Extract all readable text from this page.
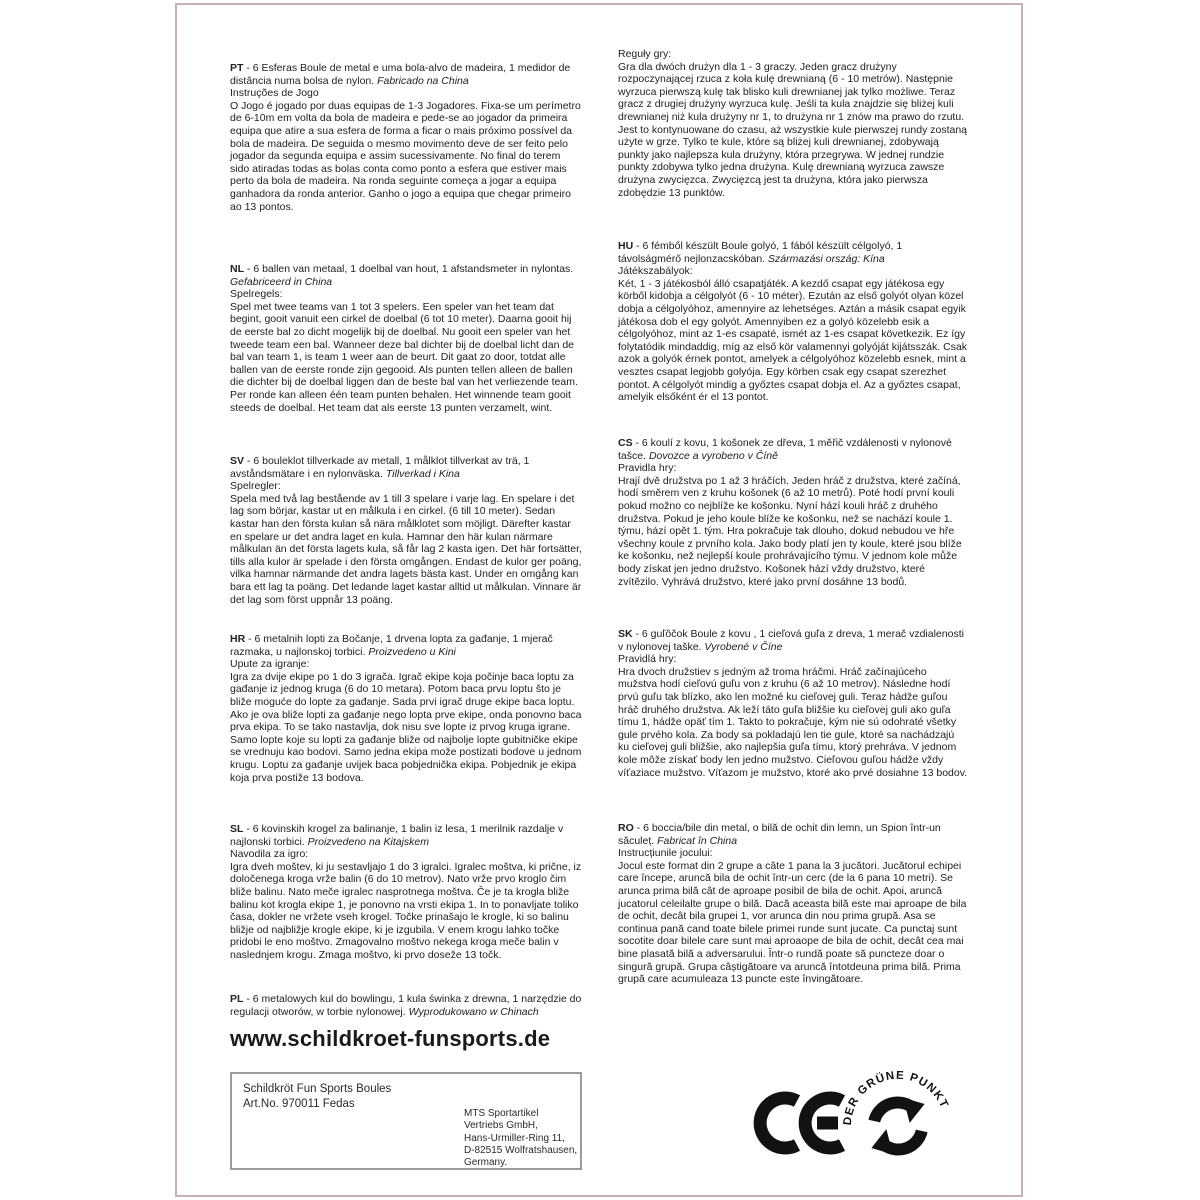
PT - 6 Esferas Boule de metal e uma bola-alvo de madeira, 1 medidor de distância numa bolsa de nylon. Fabricado na China

Instruções de Jogo

O Jogo é jogado por duas equipas de 1-3 Jogadores. Fixa-se um perímetro de 6-10m em volta da bola de madeira e pede-se ao jogador da primeira equipa que atire a sua esfera de forma a ficar o mais próximo possível da bola de madeira. De seguida o mesmo movimento deve de ser feito pelo jogador da segunda equipa e assim sucessivamente. No final do terem sido atiradas todas as bolas conta como ponto a esfera que estiver mais perto da bola de madeira. Na ronda seguinte começa a jogar a equipa ganhadora da ronda anterior. Ganho o jogo a equipa que chegar primeiro ao 13 pontos.

NL - 6 ballen van metaal, 1 doelbal van hout, 1 afstandsmeter in nylontas. Gefabriceerd in China

Spelregels:

Spel met twee teams van 1 tot 3 spelers. Een speler van het team dat begint, gooit vanuit een cirkel de doelbal (6 tot 10 meter). Daarna gooit hij de eerste bal zo dicht mogelijk bij de doelbal. Nu gooit een speler van het tweede team een bal. Wanneer deze bal dichter bij de doelbal licht dan de bal van team 1, is team 1 weer aan de beurt. Dit gaat zo door, totdat alle ballen van de eerste ronde zijn gegooid. Als punten tellen alleen de ballen die dichter bij de doelbal liggen dan de beste bal van het verliezende team. Per ronde kan alleen één team punten behalen. Het winnende team gooit steeds de doelbal. Het team dat als eerste 13 punten verzamelt, wint.

SV - 6 bouleklot tillverkade av metall, 1 målklot tillverkat av trä, 1 avståndsmätare i en nylonväska. Tillverkad i Kina

Spelregler:

Spela med två lag bestående av 1 till 3 spelare i varje lag. En spelare i det lag som börjar, kastar ut en målkula i en cirkel. (6 till 10 meter). Sedan kastar han den första kulan så nära målklotet som möjligt. Därefter kastar en spelare ur det andra laget en kula. Hamnar den här kulan närmare målkulan än det första lagets kula, så får lag 2 kasta igen. Det här fortsätter, tills alla kulor är spelade i den första omgången. Endast de kulor ger poäng, vilka hamnar närmande det andra lagets bästa kast. Under en omgång kan bara ett lag ta poäng. Det ledande laget kastar alltid ut målkulan. Vinnare är det lag som först uppnår 13 poäng.

HR - 6 metalnih lopti za Bočanje, 1 drvena lopta za gađanje, 1 mjerač razmaka, u najlonskoj torbici. Proizvedeno u Kini

Upute za igranje:

Igra za dvije ekipe po 1 do 3 igrača. Igrač ekipe koja počinje baca loptu za gađanje iz jednog kruga (6 do 10 metara). Potom baca prvu loptu što je bliže moguće do lopte za gađanje. Sada prvi igrač druge ekipe baca loptu. Ako je ova bliže lopti za gađanje nego lopta prve ekipe, onda ponovno baca prva ekipa. To se tako nastavlja, dok nisu sve lopte iz prvog kruga igrane. Samo lopte koje su lopti za gađanje bliže od najbolje lopte gubitničke ekipe se vrednuju kao bodovi. Samo jedna ekipa može postizati bodove u jednom krugu. Loptu za gađanje uvijek baca pobjednička ekipa. Pobjednik je ekipa koja prva postiže 13 bodova.

SL - 6 kovinskih krogel za balinanje, 1 balin iz lesa, 1 merilnik razdalje v najlonski torbici. Proizvedeno na Kitajskem

Navodila za igro:

Igra dveh moštev, ki ju sestavljajo 1 do 3 igralci. Igralec moštva, ki prične, iz določenega kroga vrže balin (6 do 10 metrov). Nato vrže prvo kroglo čim bliže balinu. Nato meče igralec nasprotnega moštva. Če je ta krogla bliže balinu kot krogla ekipe 1, je ponovno na vrsti ekipa 1. In to ponavljate toliko časa, dokler ne vržete vseh krogel. Točke prinašajo le krogle, ki so balinu bližje od najbližje krogle ekipe, ki je izgubila. V enem krogu lahko točke pridobi le eno moštvo. Zmagovalno moštvo nekega kroga meče balin v naslednjem krogu. Zmaga moštvo, ki prvo doseže 13 točk.

PL - 6 metalowych kul do bowlingu, 1 kula świnka z drewna, 1 narzędzie do regulacji otworów, w torbie nylonowej. Wyprodukowano w Chinach

Reguły gry:

Gra dla dwóch drużyn dla 1 - 3 graczy. Jeden gracz drużyny rozpoczynającej rzuca z koła kulę drewnianą (6 - 10 metrów). Następnie wyrzuca pierwszą kulę tak blisko kuli drewnianej jak tylko możliwe. Teraz gracz z drugiej drużyny wyrzuca kulę. Jeśli ta kula znajdzie się bliżej kuli drewnianej niż kula drużyny nr 1, to drużyna nr 1 znów ma prawo do rzutu. Jest to kontynuowane do czasu, aż wszystkie kule pierwszej rundy zostaną użyte w grze. Tylko te kule, które są bliżej kuli drewnianej, zdobywają punkty jako najlepsza kula drużyny, która przegrywa. W jednej rundzie punkty zdobywa tylko jedna drużyna. Kulę drewnianą wyrzuca zawsze drużyna zwycięzca. Zwycięzcą jest ta drużyna, która jako pierwsza zdobędzie 13 punktów.

HU - 6 fémből készült Boule golyó, 1 fából készült célgolyó, 1 távolságmérő nejlonzacskóban. Származási ország: Kína

Játékszabályok:

Két, 1 - 3 játékosból álló csapatjáték. A kezdő csapat egy játékosa egy körből kidobja a célgolyót (6 - 10 méter). Ezután az első golyót olyan közel dobja a célgolyóhoz, amennyire az lehetséges. Aztán a másik csapat egyik játékosa dob el egy golyót. Amennyiben ez a golyó közelebb esik a célgolyóhoz, mint az 1-es csapaté, ismét az 1-es csapat következik. Ez így folytatódik mindaddig, míg az első kör valamennyi golyóját kijátsszák. Csak azok a golyók érnek pontot, amelyek a célgolyóhoz közelebb esnek, mint a vesztes csapat legjobb golyója. Egy körben csak egy csapat szerezhet pontot. A célgolyót mindig a győztes csapat dobja el. Az a győztes csapat, amelyik elsőként ér el 13 pontot.

CS - 6 koulí z kovu, 1 košonek ze dřeva, 1 měřič vzdálenosti v nylonové tašce. Dovozce a vyrobeno v Číně

Pravidla hry:

Hrají dvě družstva po 1 až 3 hráčích. Jeden hráč z družstva, které začíná, hodí směrem ven z kruhu košonek (6 až 10 metrů). Poté hodí první kouli pokud možno co nejblíže ke košonku. Nyní hází kouli hráč z druhého družstva. Pokud je jeho koule blíže ke košonku, než se nachází koule 1. týmu, hází opět 1. tým. Hra pokračuje tak dlouho, dokud nebudou ve hře všechny koule z prvního kola. Jako body platí jen ty koule, které jsou blíže ke košonku, než nejlepší koule prohrávajícího týmu. V jednom kole může body získat jen jedno družstvo. Košonek hází vždy družstvo, které zvítězilo. Vyhrává družstvo, které jako první dosáhne 13 bodů.

SK - 6 guľôčok Boule z kovu , 1 cieľová guľa z dreva, 1 merač vzdialenosti v nylonovej taške. Vyrobené v Číne

Pravidlá hry:

Hra dvoch družstiev s jedným až troma hráčmi. Hráč začínajúceho mužstva hodí cieľovú guľu von z kruhu (6 až 10 metrov). Následne hodí prvú guľu tak blízko, ako len možné ku cieľovej guli. Teraz hádže guľou hráč druhého družstva. Ak leží táto guľa bližšie ku cieľovej guli ako guľa tímu 1, hádže opäť tím 1. Takto to pokračuje, kým nie sú odohraté všetky gule prvého kola. Za body sa pokladajú len tie gule, ktoré sa nachádzajú ku cieľovej guli bližšie, ako najlepšia guľa tímu, ktorý prehráva. V jednom kole môže získať body len jedno mužstvo. Cieľovou guľou hádže vždy víťaziace mužstvo. Víťazom je mužstvo, ktoré ako prvé dosiahne 13 bodov.

RO - 6 boccia/bile din metal, o bilă de ochit din lemn, un Spion într-un săculeț. Fabricat în China

Instrucțiunile jocului:

Jocul este format din 2 grupe a câte 1 pana la 3 jucători. Jucătorul echipei care începe, aruncă bila de ochit într-un cerc (de la 6 pana 10 metri). Se arunca prima bilă cât de aproape posibil de bila de ochit. Apoi, aruncă jucatorul celeilalte grupe o bilă. Dacă aceasta bilă este mai aproape de bila de ochit, decât bila grupei 1, vor arunca din nou prima grupă. Asa se continua pană cand toate bilele primei runde sunt jucate. Ca punctaj sunt socotite doar bilele care sunt mai aproaope de bila de ochit, decât cea mai bine plasată bilă a adversarului. Într-o rundă poate să puncteze doar o singură grupă. Grupa câștigătoare va aruncă întotdeuna prima bilă. Prima grupă care acumuleaza 13 puncte este învingătoare.

www.schildkroet-funsports.de
Schildkröt Fun Sports Boules
Art.No. 970011 Fedas
MTS Sportartikel
Vertriebs GmbH,
Hans-Urmiller-Ring 11,
D-82515 Wolfratshausen,
Germany.
DER GRÜNE PUNKT
